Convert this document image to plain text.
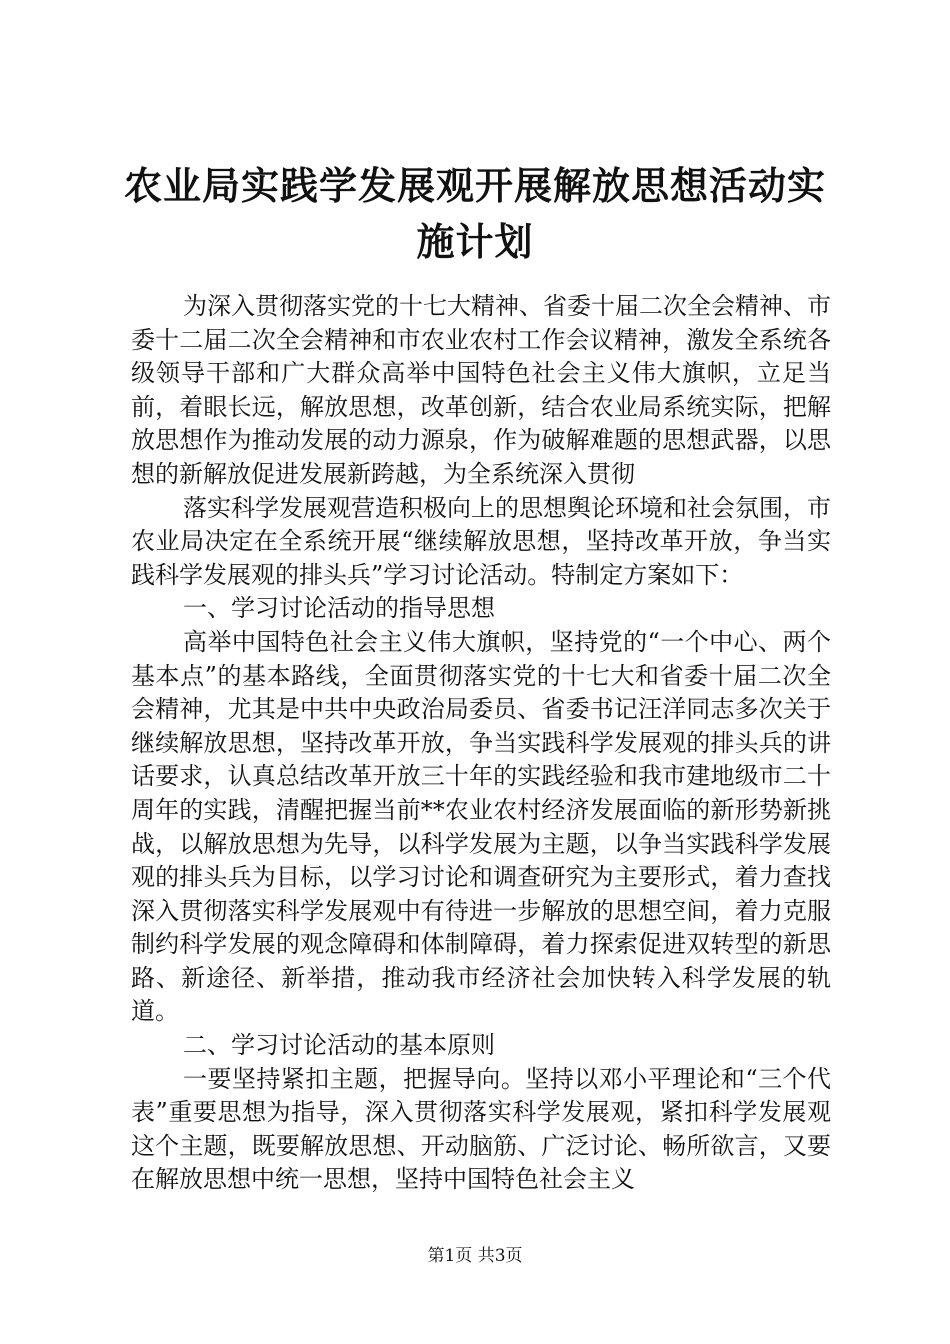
农业局实践学发展观开展解放思想活动实施计划

为深入贯彻落实党的十七大精神、省委十届二次全会精神、市委十二届二次全会精神和市农业农村工作会议精神，激发全系统各级领导干部和广大群众高举中国特色社会主义伟大旗帜，立足当前，着眼长远，解放思想，改革创新，结合农业局系统实际，把解放思想作为推动发展的动力源泉，作为破解难题的思想武器，以思想的新解放促进发展新跨越，为全系统深入贯彻

落实科学发展观营造积极向上的思想舆论环境和社会氛围，市农业局决定在全系统开展“继续解放思想，坚持改革开放，争当实践科学发展观的排头兵”学习讨论活动。特制定方案如下：

一、学习讨论活动的指导思想

高举中国特色社会主义伟大旗帜，坚持党的“一个中心、两个基本点”的基本路线，全面贯彻落实党的十七大和省委十届二次全会精神，尤其是中共中央政治局委员、省委书记汪洋同志多次关于继续解放思想，坚持改革开放，争当实践科学发展观的排头兵的讲话要求，认真总结改革开放三十年的实践经验和我市建地级市二十周年的实践，清醒把握当前**农业农村经济发展面临的新形势新挑战，以解放思想为先导，以科学发展为主题，以争当实践科学发展观的排头兵为目标，以学习讨论和调查研究为主要形式，着力查找深入贯彻落实科学发展观中有待进一步解放的思想空间，着力克服制约科学发展的观念障碍和体制障碍，着力探索促进双转型的新思路、新途径、新举措，推动我市经济社会加快转入科学发展的轨道。

二、学习讨论活动的基本原则

一要坚持紧扣主题，把握导向。坚持以邓小平理论和“三个代表”重要思想为指导，深入贯彻落实科学发展观，紧扣科学发展观这个主题，既要解放思想、开动脑筋、广泛讨论、畅所欲言，又要在解放思想中统一思想，坚持中国特色社会主义

第1页 共3页
